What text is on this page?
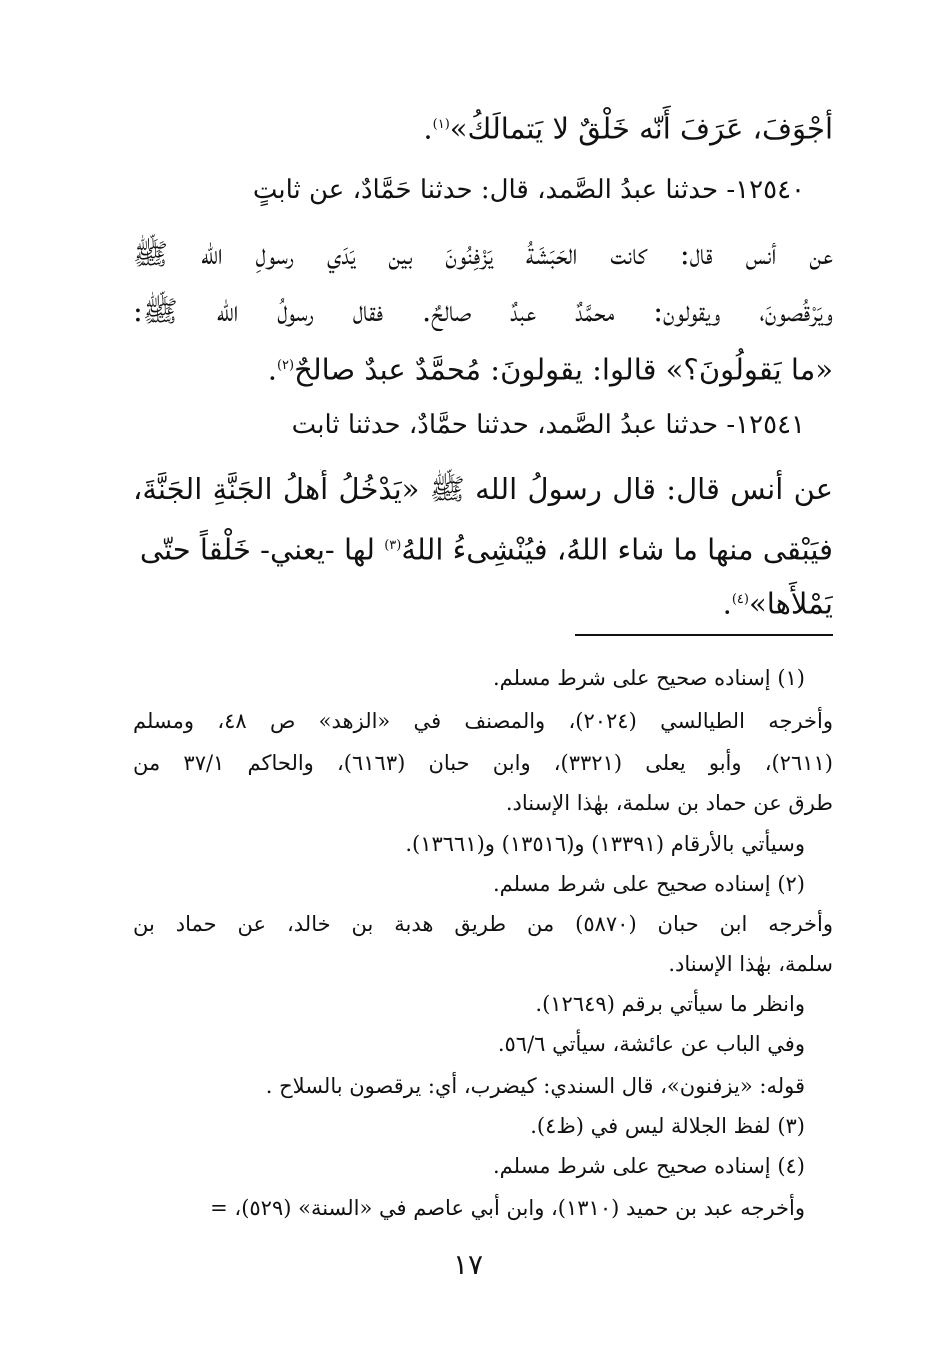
أجْوَفَ، عَرَفَ أَنّه خَلْقٌ لا يَتمالَكُ»$^{(١)}$.
١٢٥٤٠- حدثنا عبدُ الصَّمد، قال: حدثنا حَمَّادٌ، عن ثابتٍ
عن أنس قال: كانت الحَبَشَةُ يَزْفِنُونَ بين يَدَي رسولِ الله ﷺ
ويَرْقُصونَ، ويقولون: محمَّدٌ عبدٌ صالحٌ. فقال رسولُ الله ﷺ:
«ما يَقولُونَ؟» قالوا: يقولونَ: مُحمَّدٌ عبدٌ صالحٌ$^{(٢)}$.
١٢٥٤١- حدثنا عبدُ الصَّمد، حدثنا حمَّادٌ، حدثنا ثابت
عن أنس قال: قال رسولُ الله ﷺ «يَدْخُلُ أَهلُ الجَنَّةِ الجَنَّةَ،
فيَبْقى منها ما شاء اللهُ، فيُنْشِىءُ اللهُ$^{(٣)}$ لها -يعني- خَلْقاً حتّى
يَمْلأَها»$^{(٤)}$.
(١) إسناده صحيح على شرط مسلم.
وأخرجه الطيالسي (٢٠٢٤)، والمصنف في «الزهد» ص ٤٨، ومسلم
(٢٦١١)، وأبو يعلى (٣٣٢١)، وابن حبان (٦١٦٣)، والحاكم ٣٧/١ من
طرق عن حماد بن سلمة، بهٰذا الإسناد.
وسيأتي بالأرقام (١٣٣٩١) و(١٣٥١٦) و(١٣٦٦١).
(٢) إسناده صحيح على شرط مسلم.
وأخرجه ابن حبان (٥٨٧٠) من طريق هدبة بن خالد، عن حماد بن
سلمة، بهٰذا الإسناد.
وانظر ما سيأتي برقم (١٢٦٤٩).
وفي الباب عن عائشة، سيأتي ٥٦/٦.
قوله: «يزفنون»، قال السندي: كيضرب، أي: يرقصون بالسلاح .
(٣) لفظ الجلالة ليس في (ظ٤).
(٤) إسناده صحيح على شرط مسلم.
وأخرجه عبد بن حميد (١٣١٠)، وابن أبي عاصم في «السنة» (٥٢٩)، =
١٧
